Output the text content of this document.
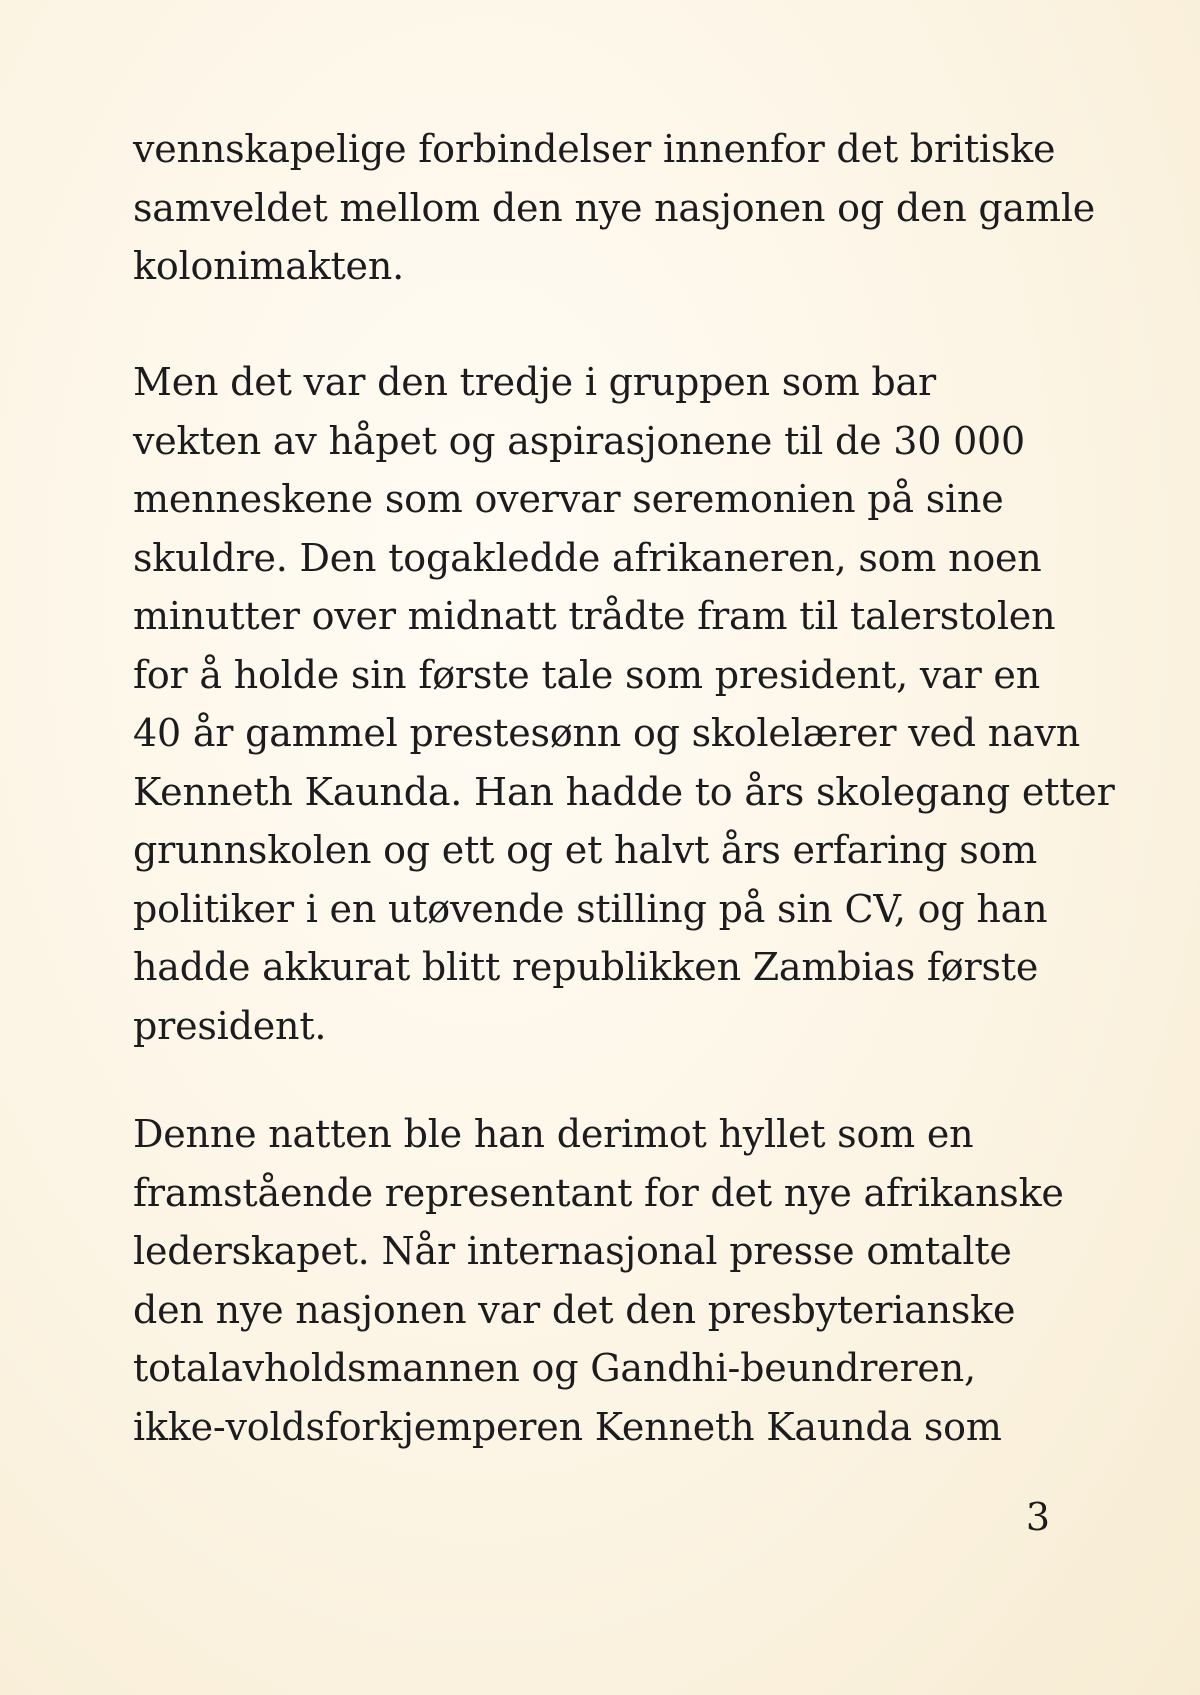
vennskapelige forbindelser innenfor det britiske
samveldet mellom den nye nasjonen og den gamle
kolonimakten.
Men det var den tredje i gruppen som bar
vekten av håpet og aspirasjonene til de 30 000
menneskene som overvar seremonien på sine
skuldre. Den togakledde afrikaneren, som noen
minutter over midnatt trådte fram til talerstolen
for å holde sin første tale som president, var en
40 år gammel prestesønn og skolelærer ved navn
Kenneth Kaunda. Han hadde to års skolegang etter
grunnskolen og ett og et halvt års erfaring som
politiker i en utøvende stilling på sin CV, og han
hadde akkurat blitt republikken Zambias første
president.
Denne natten ble han derimot hyllet som en
framstående representant for det nye afrikanske
lederskapet. Når internasjonal presse omtalte
den nye nasjonen var det den presbyterianske
totalavholdsmannen og Gandhi-beundreren,
ikke-voldsforkjemperen Kenneth Kaunda som
3
